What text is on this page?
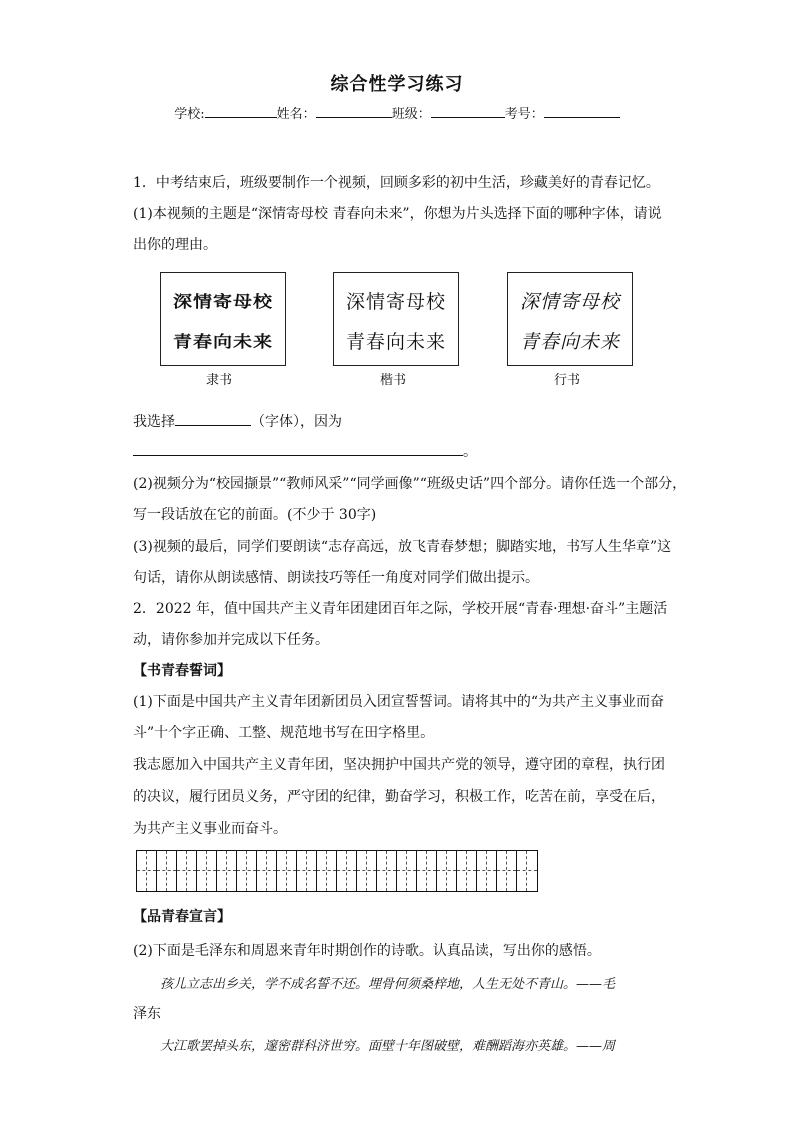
综合性学习练习
学校:	姓名：	班级：	考号：
1．中考结束后，班级要制作一个视频，回顾多彩的初中生活，珍藏美好的青春记忆。
(1)本视频的主题是“深情寄母校 青春向未来”，你想为片头选择下面的哪种字体，请说
出你的理由。
深情寄母校
青春向未来
深情寄母校
青春向未来
深情寄母校
青春向未来
隶书	楷书	行书
我选择	（字体），因为
。
(2)视频分为“校园撷景”“教师风采”“同学画像”“班级史话”四个部分。请你任选一个部分，
写一段话放在它的前面。(不少于 30字)
(3)视频的最后，同学们要朗读“志存高远，放飞青春梦想；脚踏实地，书写人生华章”这
句话，请你从朗读感情、朗读技巧等任一角度对同学们做出提示。
2．2022 年，值中国共产主义青年团建团百年之际，学校开展“青春·理想·奋斗”主题活
动，请你参加并完成以下任务。
【书青春誓词】
(1)下面是中国共产主义青年团新团员入团宣誓誓词。请将其中的“为共产主义事业而奋
斗”十个字正确、工整、规范地书写在田字格里。
我志愿加入中国共产主义青年团，坚决拥护中国共产党的领导，遵守团的章程，执行团
的决议，履行团员义务，严守团的纪律，勤奋学习，积极工作，吃苦在前，享受在后，
为共产主义事业而奋斗。
【品青春宣言】
(2)下面是毛泽东和周恩来青年时期创作的诗歌。认真品读，写出你的感悟。
孩儿立志出乡关，学不成名誓不还。埋骨何须桑梓地，人生无处不青山。——毛
泽东
大江歌罢掉头东，邃密群科济世穷。面壁十年图破壁，难酬蹈海亦英雄。——周
